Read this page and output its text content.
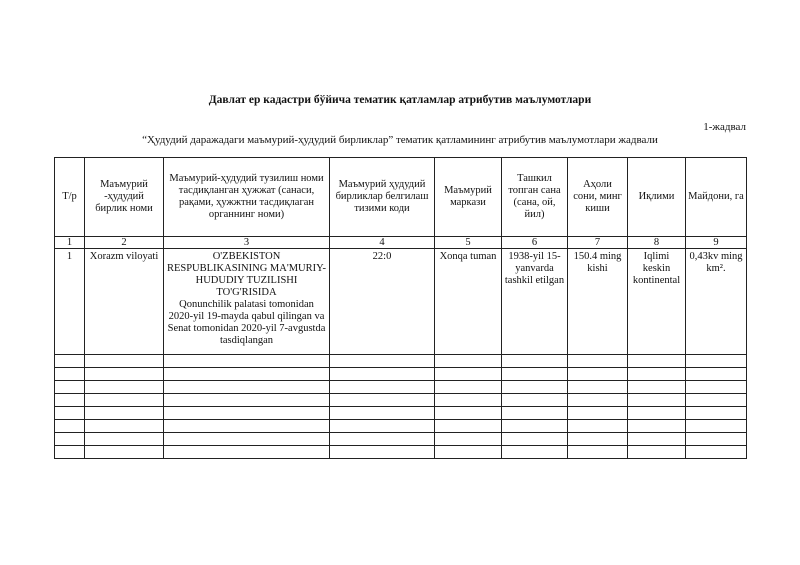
Давлат ер кадастри бўйича тематик қатламлар атрибутив маълумотлари
1-жадвал
“Ҳудудий даражадаги маъмурий-ҳудудий бирликлар” тематик қатламининг атрибутив маълумотлари жадвали
Т/р	Маъмурий -ҳудудий бирлик номи	Маъмурий-ҳудудий тузилиш номи тасдиқланган ҳужжат (санаси, рақами, ҳужжтни тасдиқлаган органнинг номи)	Маъмурий ҳудудий бирликлар белгилаш тизими коди	Маъмурий маркази	Ташкил топган сана (сана, ой, йил)	Аҳоли сони, минг киши	Иқлими	Майдони, га
1	2	3	4	5	6	7	8	9
1	Xorazm viloyati	O'ZBEKISTON RESPUBLIKASINING MA'MURIY-HUDUDIY TUZILISHI TO'G'RISIDA
Qonunchilik palatasi tomonidan 2020-yil 19-mayda qabul qilingan va Senat tomonidan 2020-yil 7-avgustda tasdiqlangan	22:0	Xonqa tuman	1938-yil 15-yanvarda tashkil etilgan	150.4 ming kishi	Iqlimi keskin kontinental	0,43kv ming km².
